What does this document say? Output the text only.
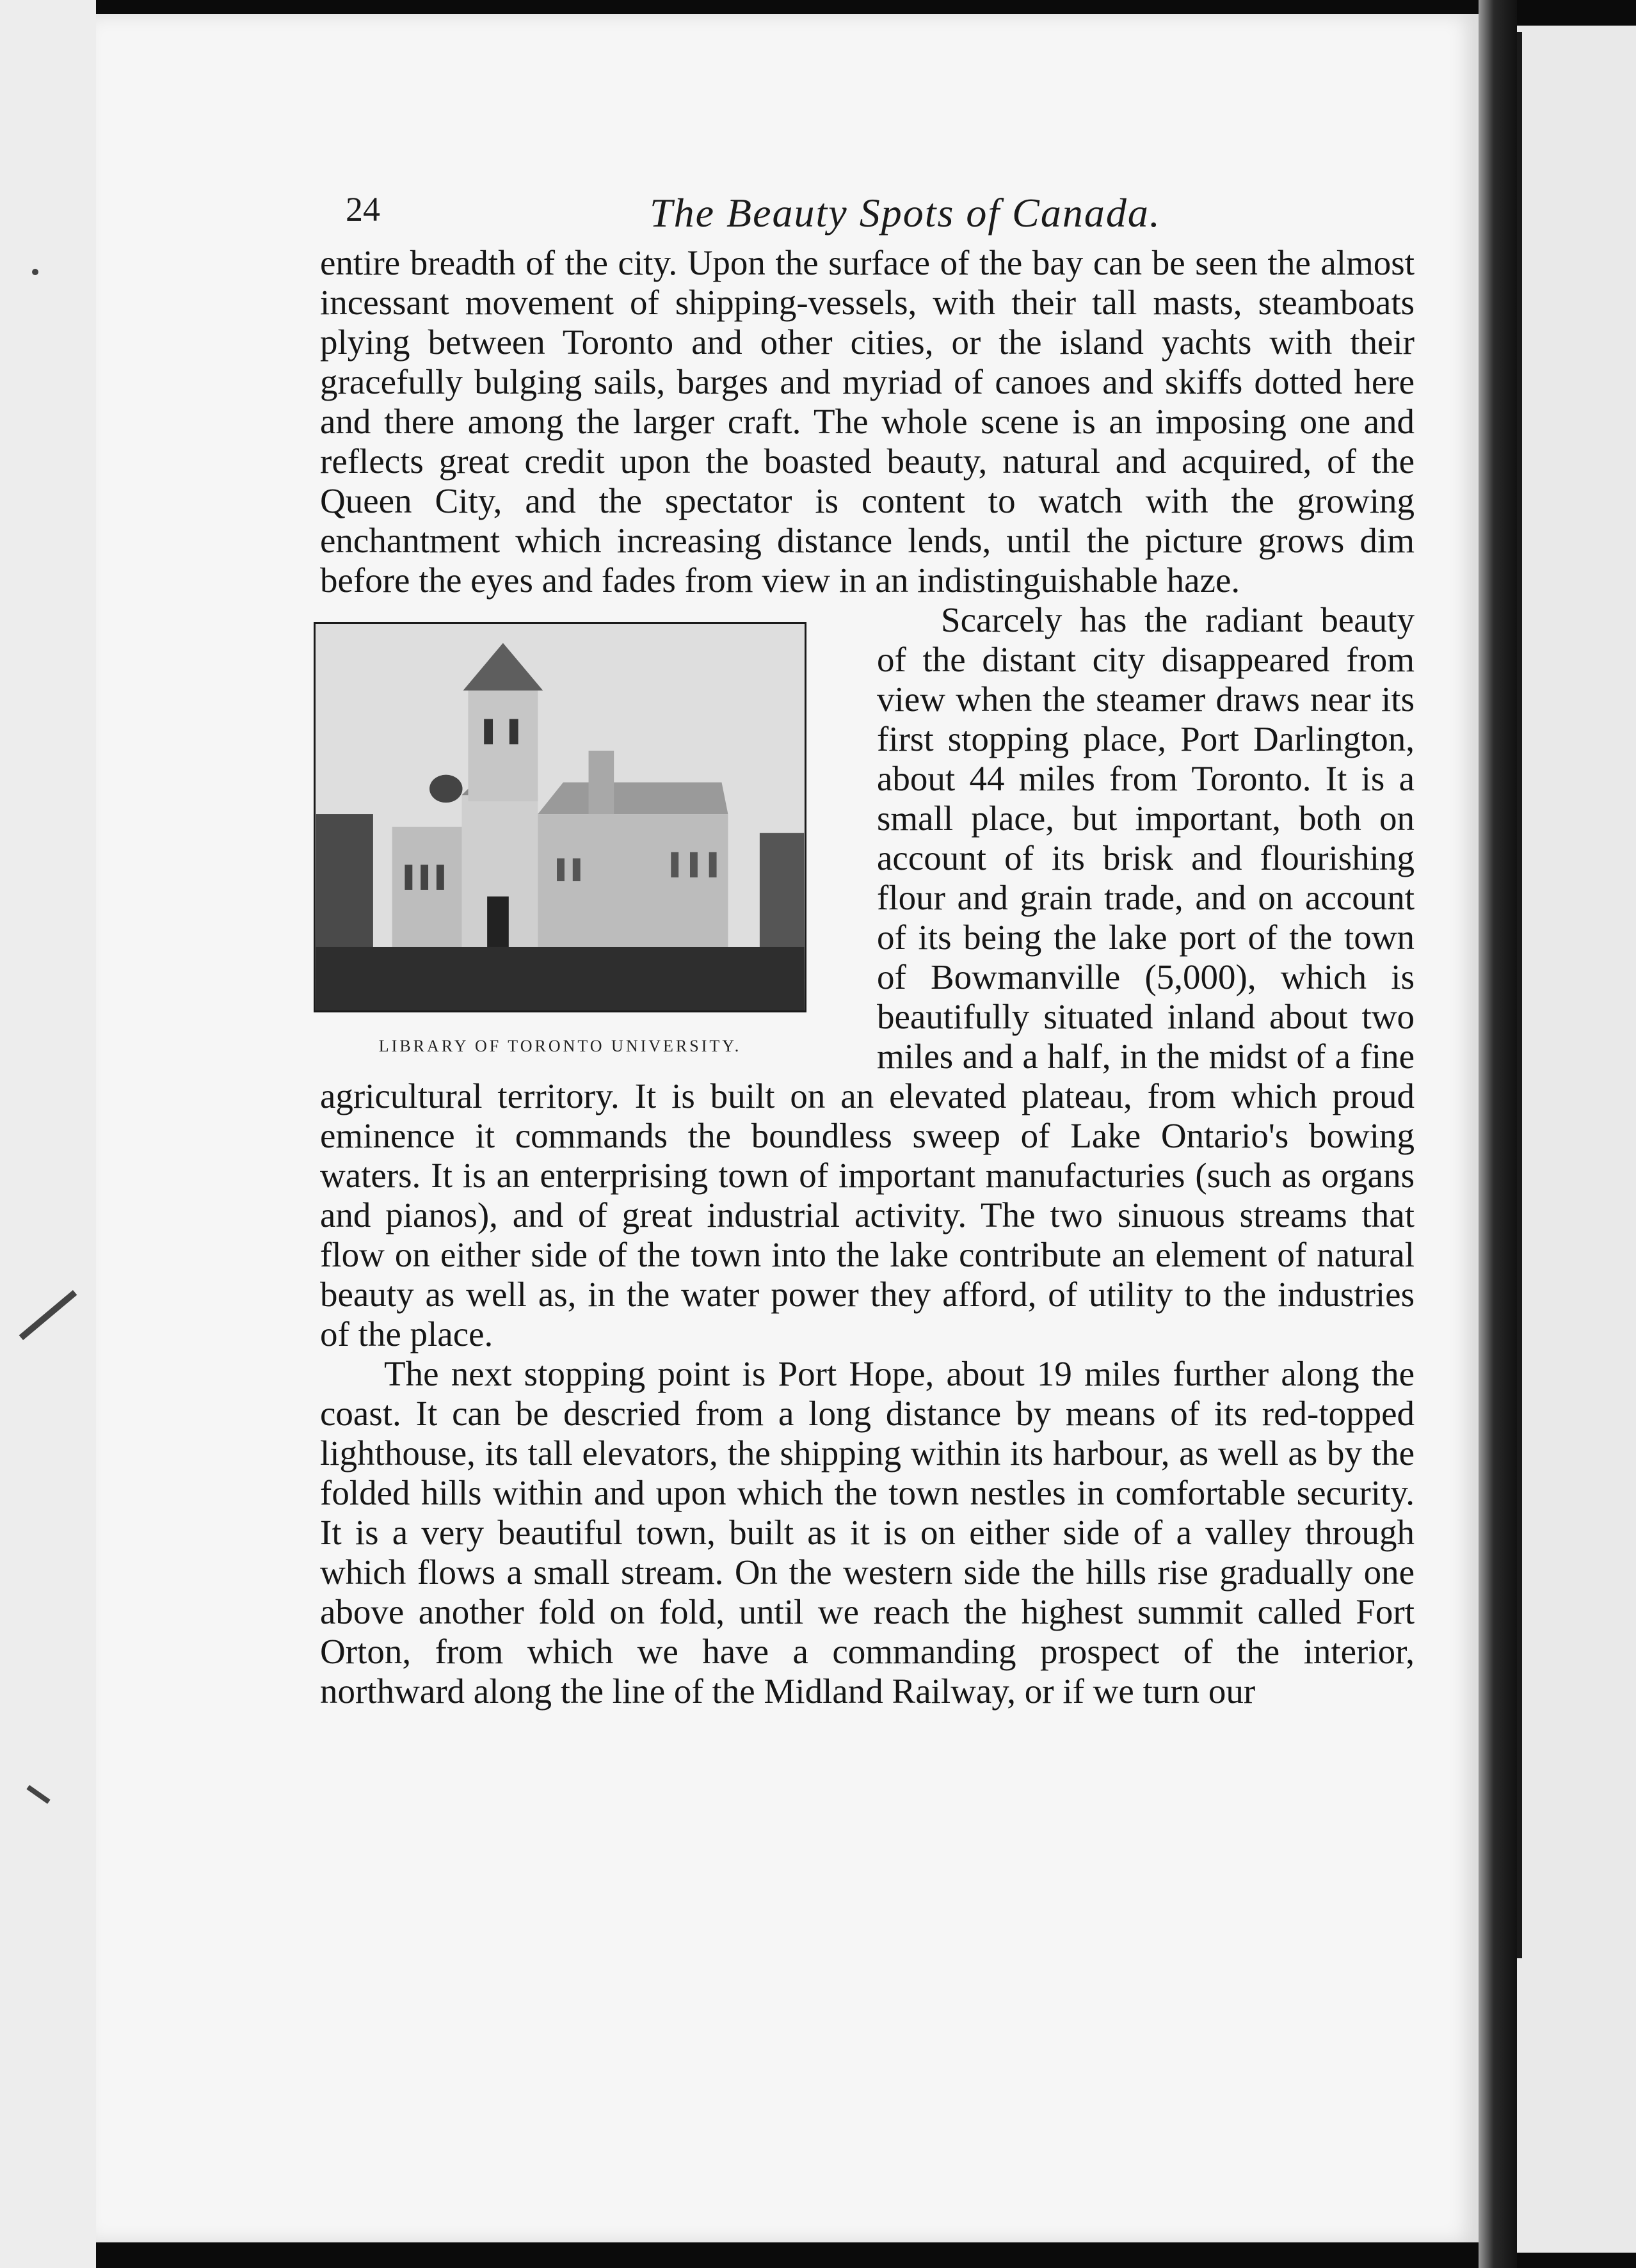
24	The Beauty Spots of Canada.

entire breadth of the city. Upon the surface of the bay can be seen the almost incessant movement of shipping-vessels, with their tall masts, steamboats plying between Toronto and other cities, or the island yachts with their gracefully bulging sails, barges and myriad of canoes and skiffs dotted here and there among the larger craft. The whole scene is an imposing one and reflects great credit upon the boasted beauty, natural and acquired, of the Queen City, and the spectator is content to watch with the growing enchantment which increasing distance lends, until the picture grows dim before the eyes and fades from view in an indistinguishable haze.

LIBRARY OF TORONTO UNIVERSITY.

Scarcely has the radiant beauty of the distant city disappeared from view when the steamer draws near its first stopping place, Port Darlington, about 44 miles from Toronto. It is a small place, but important, both on account of its brisk and flourishing flour and grain trade, and on account of its being the lake port of the town of Bowmanville (5,000), which is beautifully situated inland about two miles and a half, in the midst of a fine agricultural territory. It is built on an elevated plateau, from which proud eminence it commands the boundless sweep of Lake Ontario's bowing waters. It is an enterprising town of important manufacturies (such as organs and pianos), and of great industrial activity. The two sinuous streams that flow on either side of the town into the lake contribute an element of natural beauty as well as, in the water power they afford, of utility to the industries of the place.

The next stopping point is Port Hope, about 19 miles further along the coast. It can be descried from a long distance by means of its red-topped lighthouse, its tall elevators, the shipping within its harbour, as well as by the folded hills within and upon which the town nestles in comfortable security. It is a very beautiful town, built as it is on either side of a valley through which flows a small stream. On the western side the hills rise gradually one above another fold on fold, until we reach the highest summit called Fort Orton, from which we have a commanding prospect of the interior, northward along the line of the Midland Railway, or if we turn our
